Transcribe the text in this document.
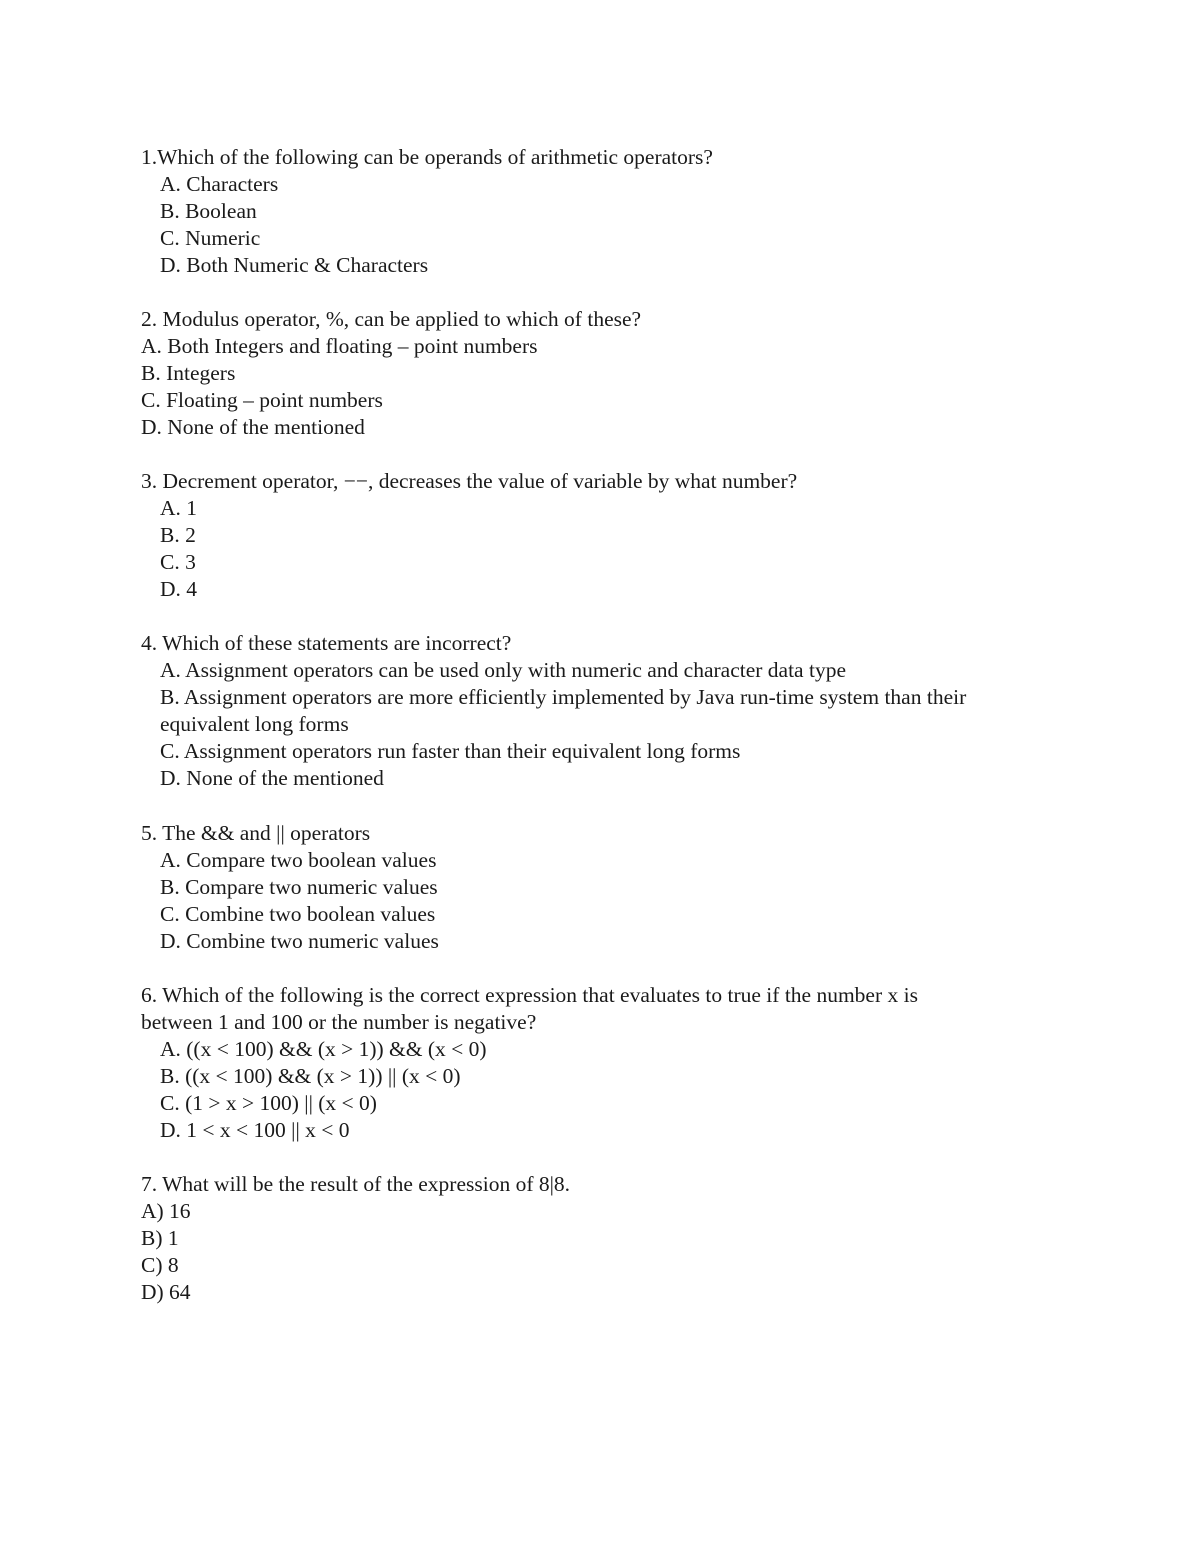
1.Which of the following can be operands of arithmetic operators?
A. Characters
B. Boolean
C. Numeric
D. Both Numeric & Characters
2. Modulus operator, %, can be applied to which of these?
A. Both Integers and floating – point numbers
B. Integers
C. Floating – point numbers
D. None of the mentioned
3. Decrement operator, −−, decreases the value of variable by what number?
A. 1
B. 2
C. 3
D. 4
4. Which of these statements are incorrect?
A. Assignment operators can be used only with numeric and character data type
B. Assignment operators are more efficiently implemented by Java run-time system than their
equivalent long forms
C. Assignment operators run faster than their equivalent long forms
D. None of the mentioned
5. The && and || operators
A. Compare two boolean values
B. Compare two numeric values
C. Combine two boolean values
D. Combine two numeric values
6. Which of the following is the correct expression that evaluates to true if the number x is
between 1 and 100 or the number is negative?
A. ((x < 100) && (x > 1)) && (x < 0)
B. ((x < 100) && (x > 1)) || (x < 0)
C. (1 > x > 100) || (x < 0)
D. 1 < x < 100 || x < 0
7. What will be the result of the expression of 8|8.
A) 16
B) 1
C) 8
D) 64
